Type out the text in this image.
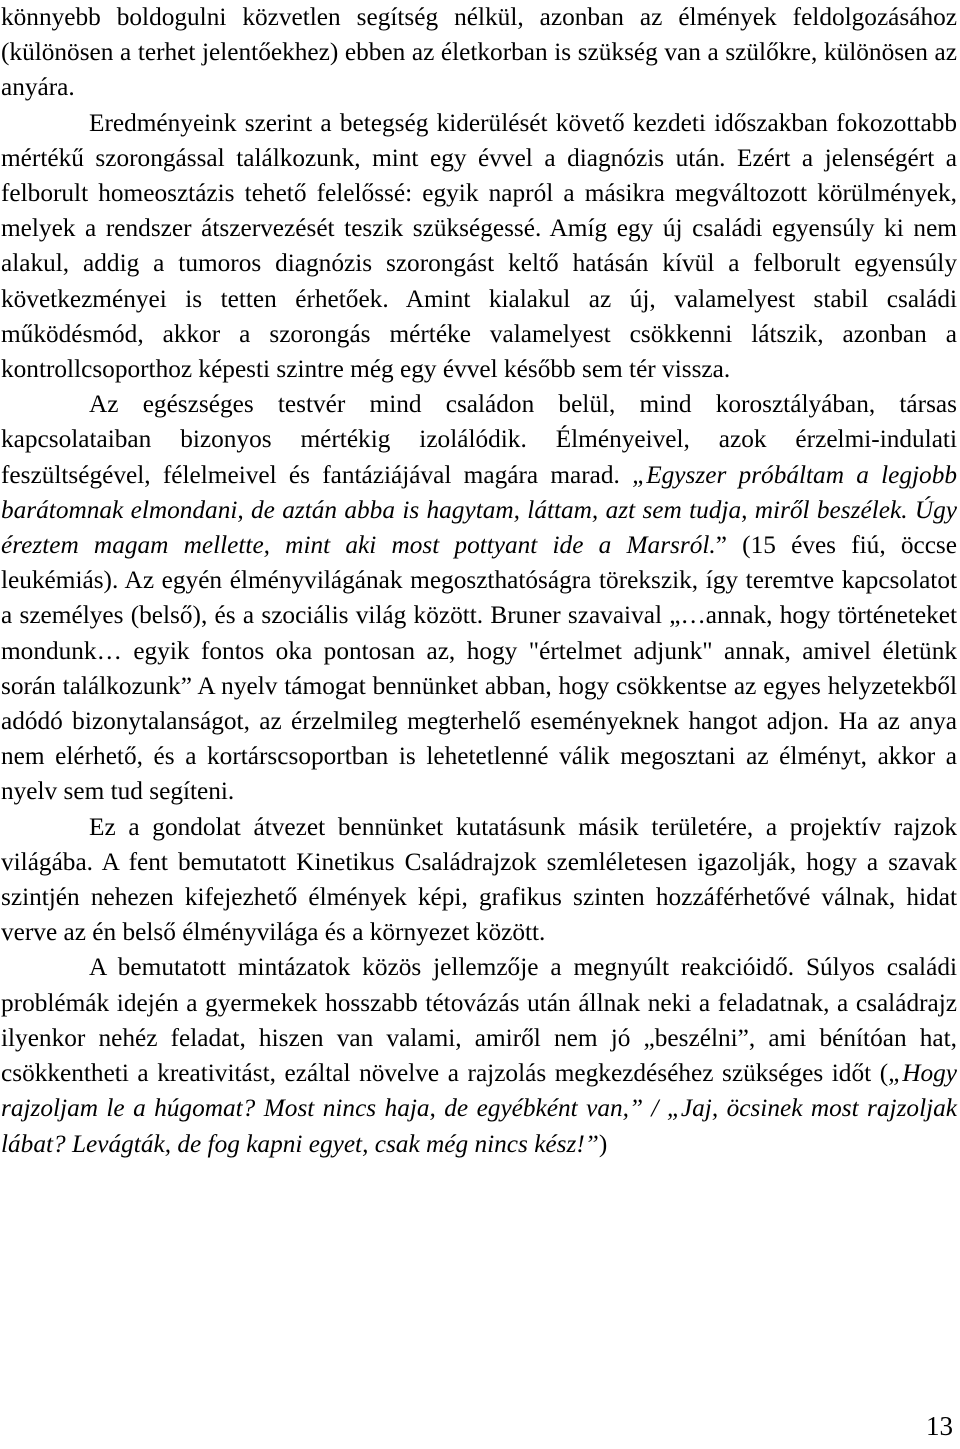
könnyebb boldogulni közvetlen segítség nélkül, azonban az élmények feldolgozásához (különösen a terhet jelentőekhez) ebben az életkorban is szükség van a szülőkre, különösen az anyára.

Eredményeink szerint a betegség kiderülését követő kezdeti időszakban fokozottabb mértékű szorongással találkozunk, mint egy évvel a diagnózis után. Ezért a jelenségért a felborult homeosztázis tehető felelőssé: egyik napról a másikra megváltozott körülmények, melyek a rendszer átszervezését teszik szükségessé. Amíg egy új családi egyensúly ki nem alakul, addig a tumoros diagnózis szorongást keltő hatásán kívül a felborult egyensúly következményei is tetten érhetőek. Amint kialakul az új, valamelyest stabil családi működésmód, akkor a szorongás mértéke valamelyest csökkenni látszik, azonban a kontrollcsoporthoz képesti szintre még egy évvel később sem tér vissza.

Az egészséges testvér mind családon belül, mind korosztályában, társas kapcsolataiban bizonyos mértékig izolálódik. Élményeivel, azok érzelmi-indulati feszültségével, félelmeivel és fantáziájával magára marad. „Egyszer próbáltam a legjobb barátomnak elmondani, de aztán abba is hagytam, láttam, azt sem tudja, miről beszélek. Úgy éreztem magam mellette, mint aki most pottyant ide a Marsról.” (15 éves fiú, öccse leukémiás). Az egyén élményvilágának megoszthatóságra törekszik, így teremtve kapcsolatot a személyes (belső), és a szociális világ között. Bruner szavaival „…annak, hogy történeteket mondunk… egyik fontos oka pontosan az, hogy "értelmet adjunk" annak, amivel életünk során találkozunk” A nyelv támogat bennünket abban, hogy csökkentse az egyes helyzetekből adódó bizonytalanságot, az érzelmileg megterhelő eseményeknek hangot adjon. Ha az anya nem elérhető, és a kortárscsoportban is lehetetlenné válik megosztani az élményt, akkor a nyelv sem tud segíteni.

Ez a gondolat átvezet bennünket kutatásunk másik területére, a projektív rajzok világába. A fent bemutatott Kinetikus Családrajzok szemléletesen igazolják, hogy a szavak szintjén nehezen kifejezhető élmények képi, grafikus szinten hozzáférhetővé válnak, hidat verve az én belső élményvilága és a környezet között.

A bemutatott mintázatok közös jellemzője a megnyúlt reakcióidő. Súlyos családi problémák idején a gyermekek hosszabb tétovázás után állnak neki a feladatnak, a családrajz ilyenkor nehéz feladat, hiszen van valami, amiről nem jó „beszélni”, ami bénítóan hat, csökkentheti a kreativitást, ezáltal növelve a rajzolás megkezdéséhez szükséges időt („Hogy rajzoljam le a húgomat? Most nincs haja, de egyébként van,” / „Jaj, öcsinek most rajzoljak lábat? Levágták, de fog kapni egyet, csak még nincs kész!”)

13
